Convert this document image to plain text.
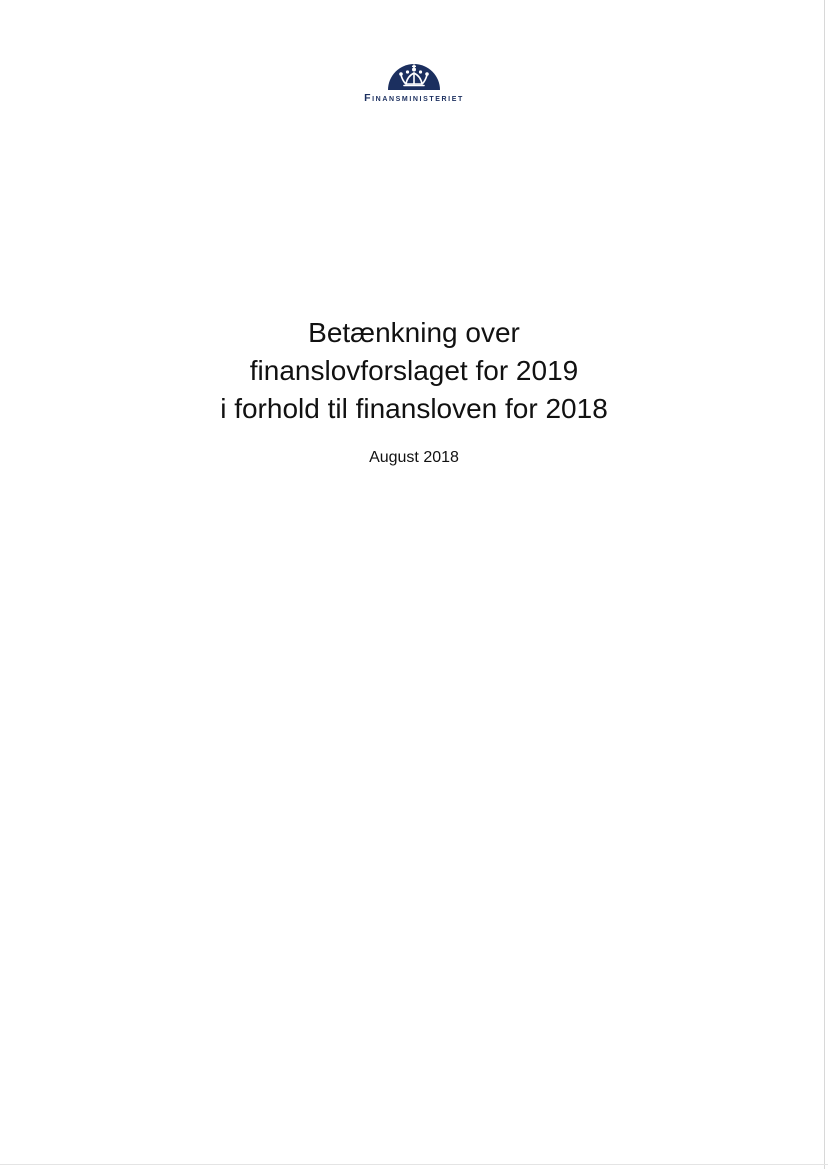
Finansministeriet
Betænkning over
finanslovforslaget for 2019
i forhold til finansloven for 2018
August 2018
